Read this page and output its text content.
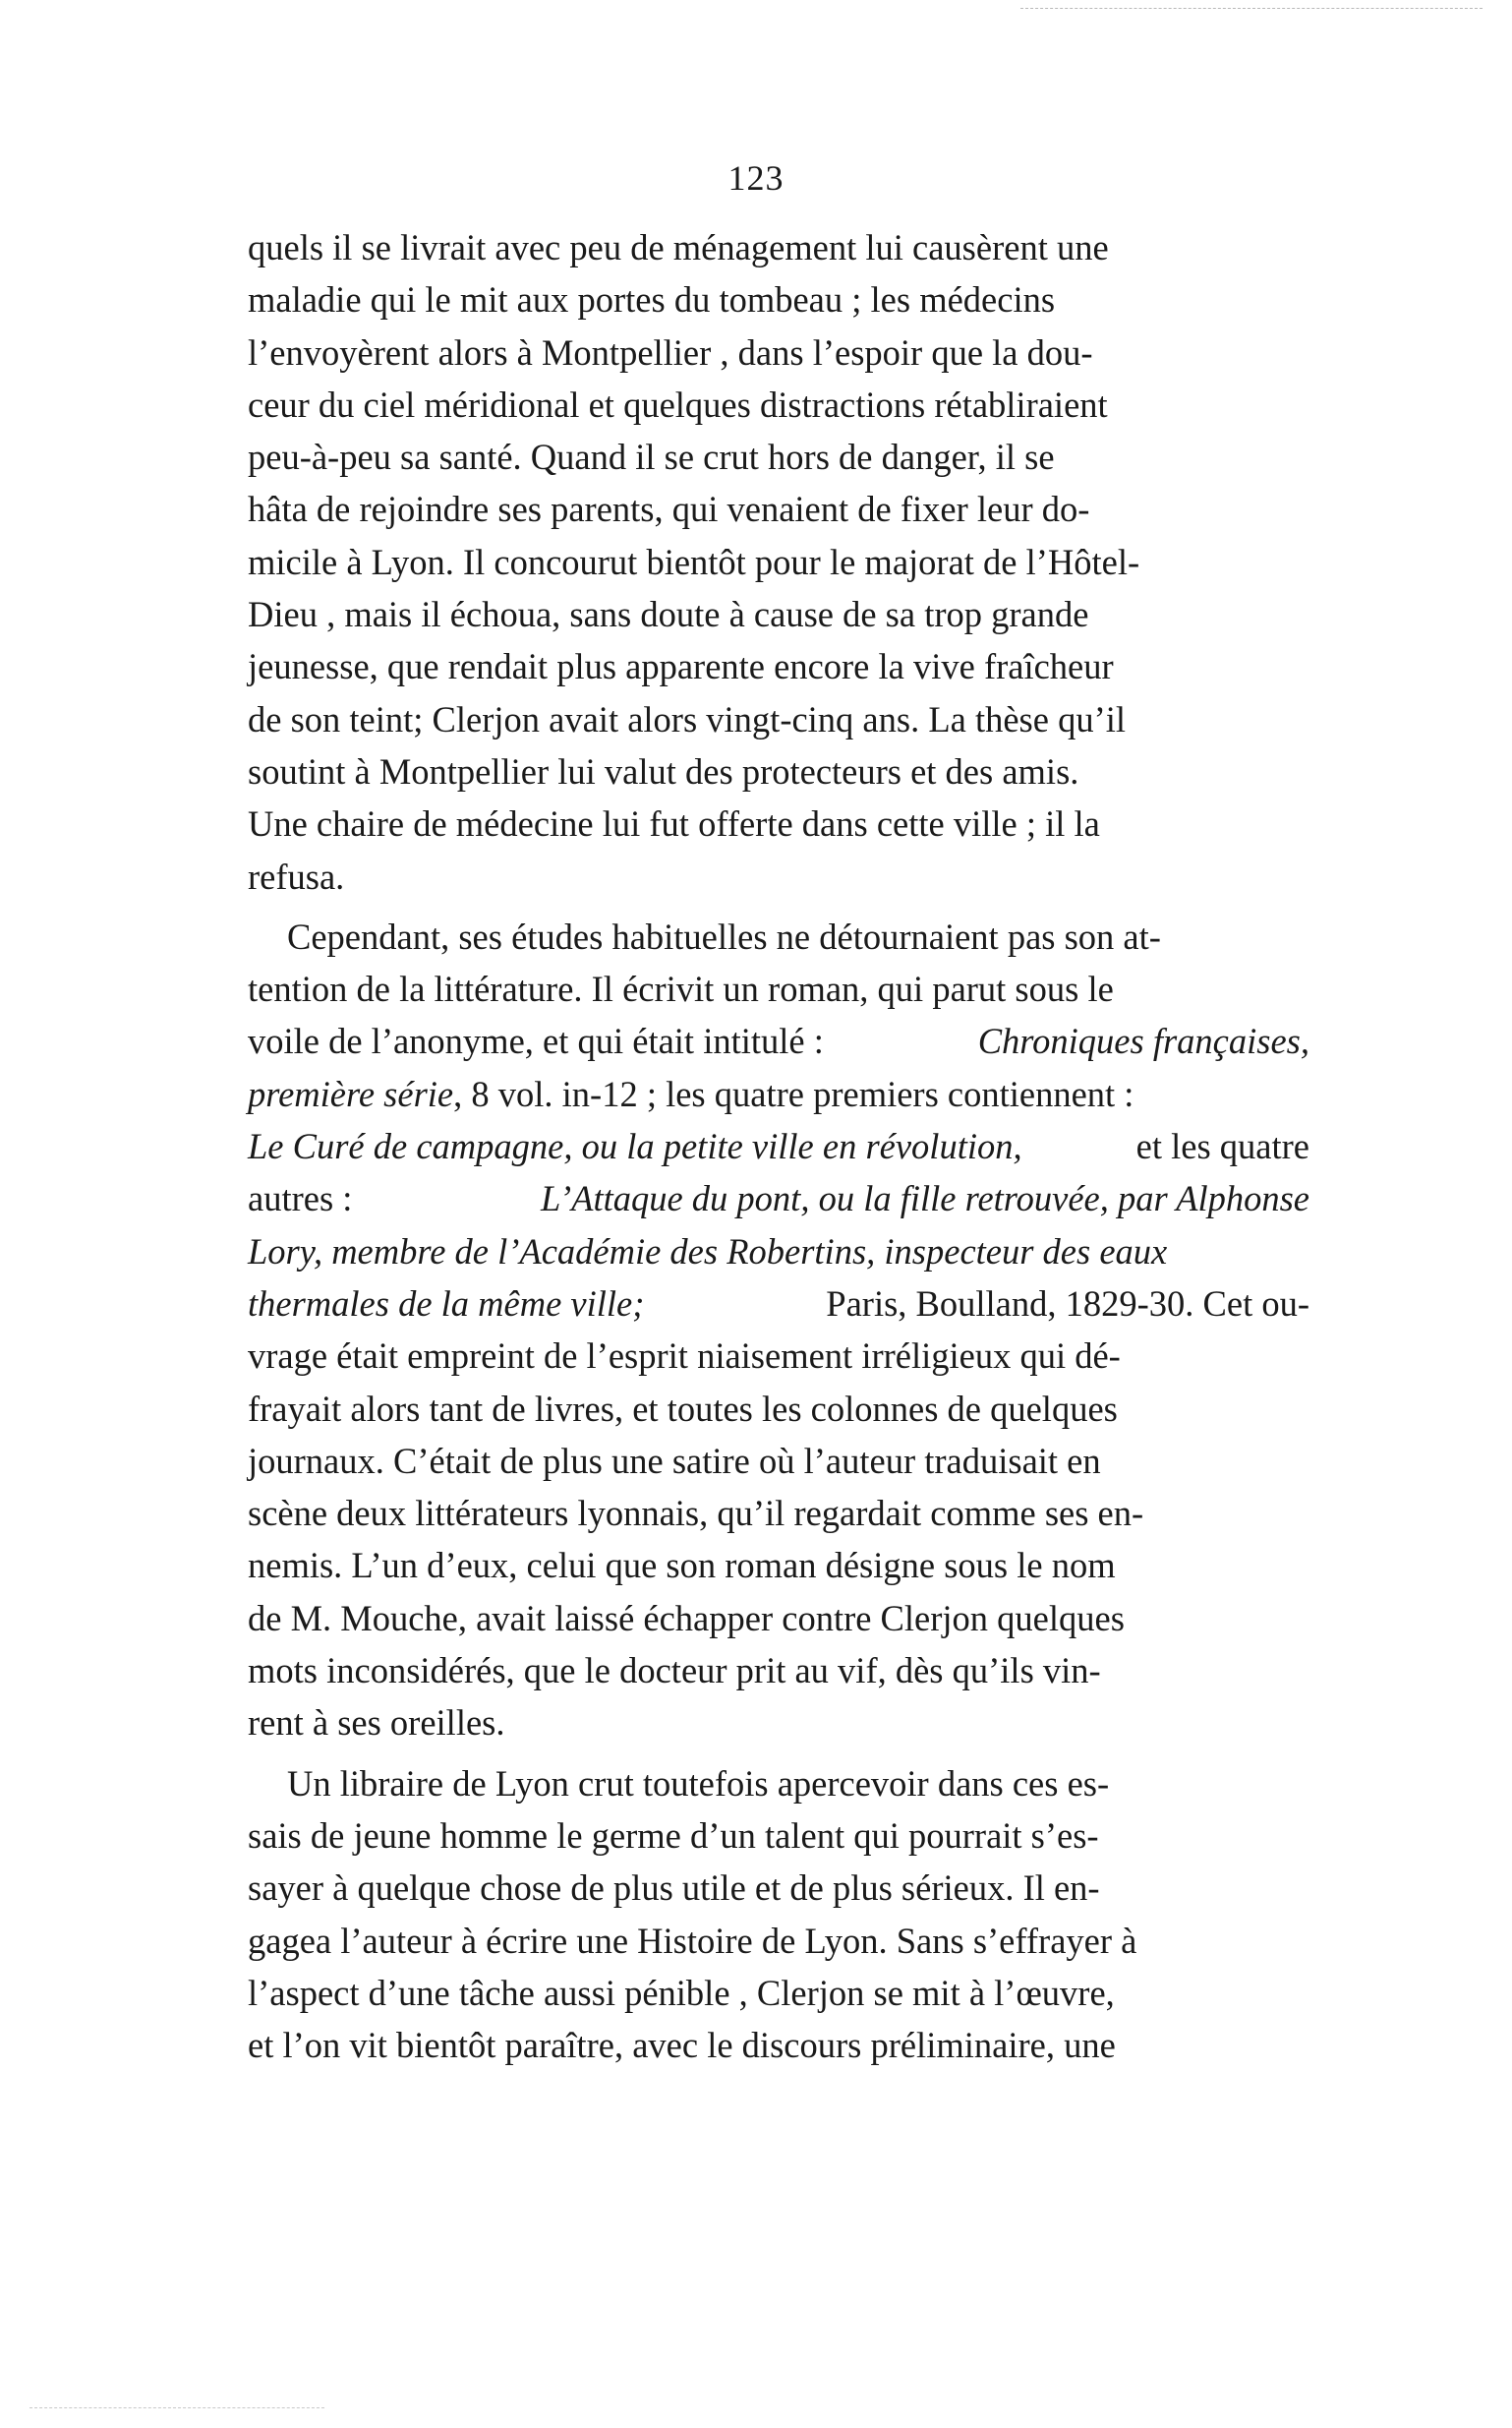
123
quels il se livrait avec peu de ménagement lui causèrent une
maladie qui le mit aux portes du tombeau ; les médecins
l’envoyèrent alors à Montpellier , dans l’espoir que la dou-
ceur du ciel méridional et quelques distractions rétabliraient
peu-à-peu sa santé. Quand il se crut hors de danger, il se
hâta de rejoindre ses parents, qui venaient de fixer leur do-
micile à Lyon. Il concourut bientôt pour le majorat de l’Hôtel-
Dieu , mais il échoua, sans doute à cause de sa trop grande
jeunesse, que rendait plus apparente encore la vive fraîcheur
de son teint; Clerjon avait alors vingt-cinq ans. La thèse qu’il
soutint à Montpellier lui valut des protecteurs et des amis.
Une chaire de médecine lui fut offerte dans cette ville ; il la
refusa.
Cependant, ses études habituelles ne détournaient pas son at-
tention de la littérature. Il écrivit un roman, qui parut sous le
voile de l’anonyme, et qui était intitulé :	Chroniques françaises,
première série, 8 vol. in-12 ; les quatre premiers contiennent :
Le Curé de campagne, ou la petite ville en révolution,	et les quatre
autres :	L’Attaque du pont, ou la fille retrouvée, par Alphonse
Lory, membre de l’Académie des Robertins, inspecteur des eaux
thermales de la même ville;	Paris, Boulland, 1829-30. Cet ou-
vrage était empreint de l’esprit niaisement irréligieux qui dé-
frayait alors tant de livres, et toutes les colonnes de quelques
journaux. C’était de plus une satire où l’auteur traduisait en
scène deux littérateurs lyonnais, qu’il regardait comme ses en-
nemis. L’un d’eux, celui que son roman désigne sous le nom
de M. Mouche, avait laissé échapper contre Clerjon quelques
mots inconsidérés, que le docteur prit au vif, dès qu’ils vin-
rent à ses oreilles.
Un libraire de Lyon crut toutefois apercevoir dans ces es-
sais de jeune homme le germe d’un talent qui pourrait s’es-
sayer à quelque chose de plus utile et de plus sérieux. Il en-
gagea l’auteur à écrire une Histoire de Lyon. Sans s’effrayer à
l’aspect d’une tâche aussi pénible , Clerjon se mit à l’œuvre,
et l’on vit bientôt paraître, avec le discours préliminaire, une
